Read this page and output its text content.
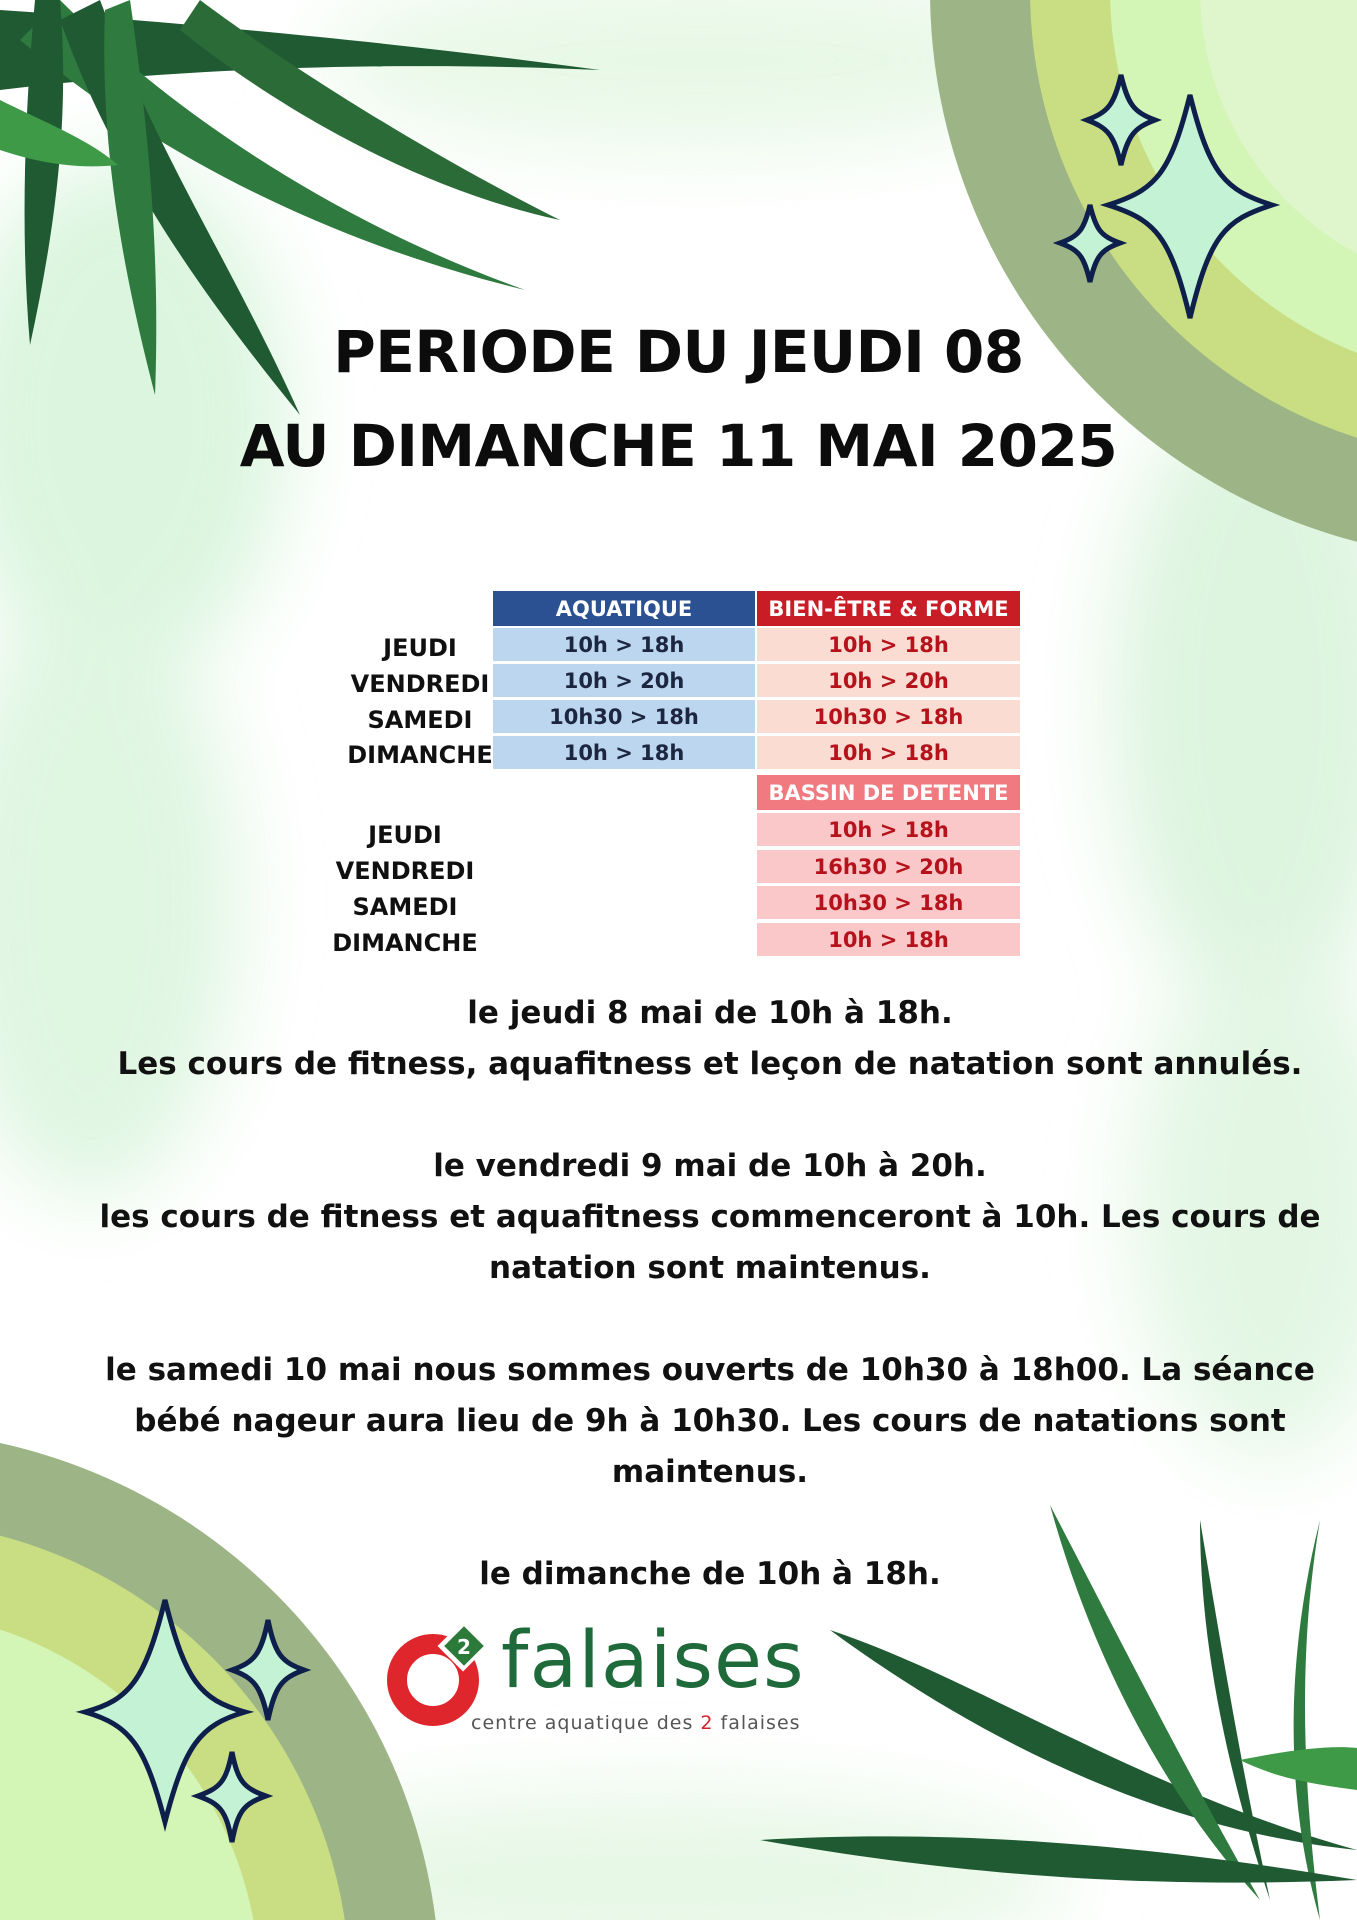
PERIODE DU JEUDI 08
AU DIMANCHE 11 MAI 2025
AQUATIQUE	BIEN-ÊTRE & FORME
JEUDI
VENDREDI
SAMEDI
DIMANCHE
10h > 18h
10h > 20h
10h30 > 18h
10h > 18h
10h > 18h
10h > 20h
10h30 > 18h
10h > 18h
BASSIN DE DETENTE
JEUDI
VENDREDI
SAMEDI
DIMANCHE
10h > 18h
16h30 > 20h
10h30 > 18h
10h > 18h

le jeudi 8 mai de 10h à 18h.

Les cours de fitness, aquafitness et leçon de natation sont annulés.

le vendredi 9 mai de 10h à 20h.

les cours de fitness et aquafitness commenceront à 10h. Les cours de natation sont maintenus.

le samedi 10 mai nous sommes ouverts de 10h30 à 18h00. La séance bébé nageur aura lieu de 9h à 10h30. Les cours de natations sont maintenus.

le dimanche de 10h à 18h.

2 falaises
centre aquatique des 2 falaises
